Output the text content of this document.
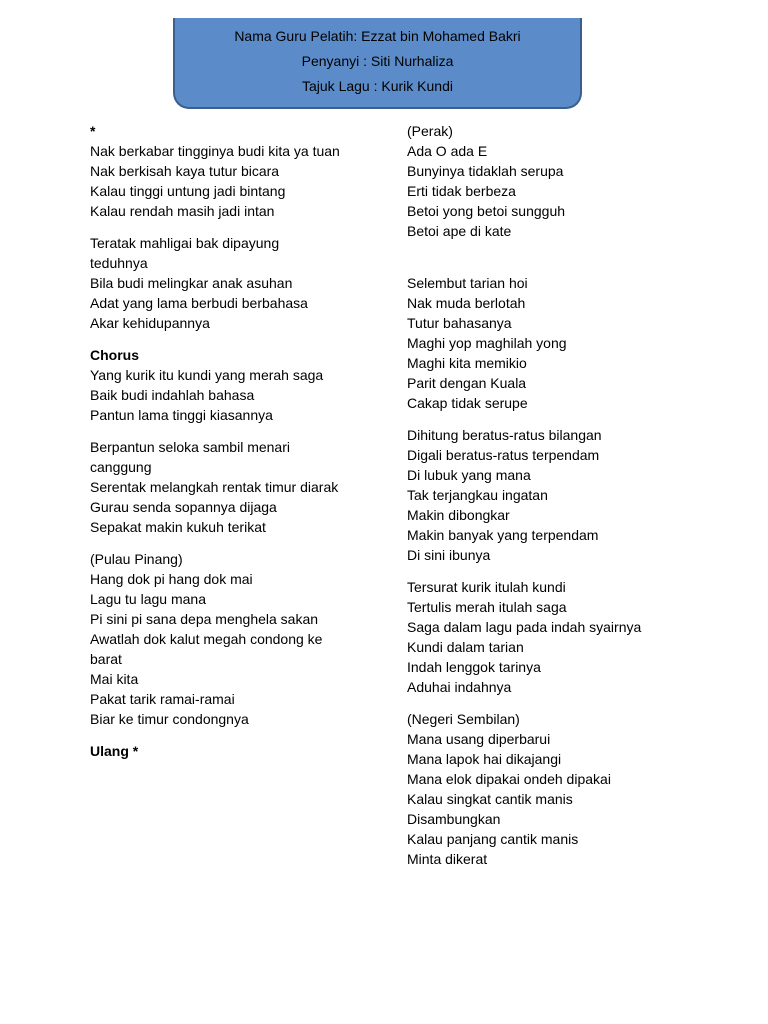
Nama Guru Pelatih: Ezzat bin Mohamed Bakri
Penyanyi : Siti Nurhaliza
Tajuk Lagu : Kurik Kundi
*
Nak berkabar tingginya budi kita ya tuan
Nak berkisah kaya tutur bicara
Kalau tinggi untung jadi bintang
Kalau rendah masih jadi intan
Teratak mahligai bak dipayung
teduhnya
Bila budi melingkar anak asuhan
Adat yang lama berbudi berbahasa
Akar kehidupannya
Chorus
Yang kurik itu kundi yang merah saga
Baik budi indahlah bahasa
Pantun lama tinggi kiasannya
Berpantun seloka sambil menari
canggung
Serentak melangkah rentak timur diarak
Gurau senda sopannya dijaga
Sepakat makin kukuh terikat
(Pulau Pinang)
Hang dok pi hang dok mai
Lagu tu lagu mana
Pi sini pi sana depa menghela sakan
Awatlah dok kalut megah condong ke
barat
Mai kita
Pakat tarik ramai-ramai
Biar ke timur condongnya
Ulang *
(Perak)
Ada O ada E
Bunyinya tidaklah serupa
Erti tidak berbeza
Betoi yong betoi sungguh
Betoi ape di kate
Selembut tarian hoi
Nak muda berlotah
Tutur bahasanya
Maghi yop maghilah yong
Maghi kita memikio
Parit dengan Kuala
Cakap tidak serupe
Dihitung beratus-ratus bilangan
Digali beratus-ratus terpendam
Di lubuk yang mana
Tak terjangkau ingatan
Makin dibongkar
Makin banyak yang terpendam
Di sini ibunya
Tersurat kurik itulah kundi
Tertulis merah itulah saga
Saga dalam lagu pada indah syairnya
Kundi dalam tarian
Indah lenggok tarinya
Aduhai indahnya
(Negeri Sembilan)
Mana usang diperbarui
Mana lapok hai dikajangi
Mana elok dipakai ondeh dipakai
Kalau singkat cantik manis
Disambungkan
Kalau panjang cantik manis
Minta dikerat
